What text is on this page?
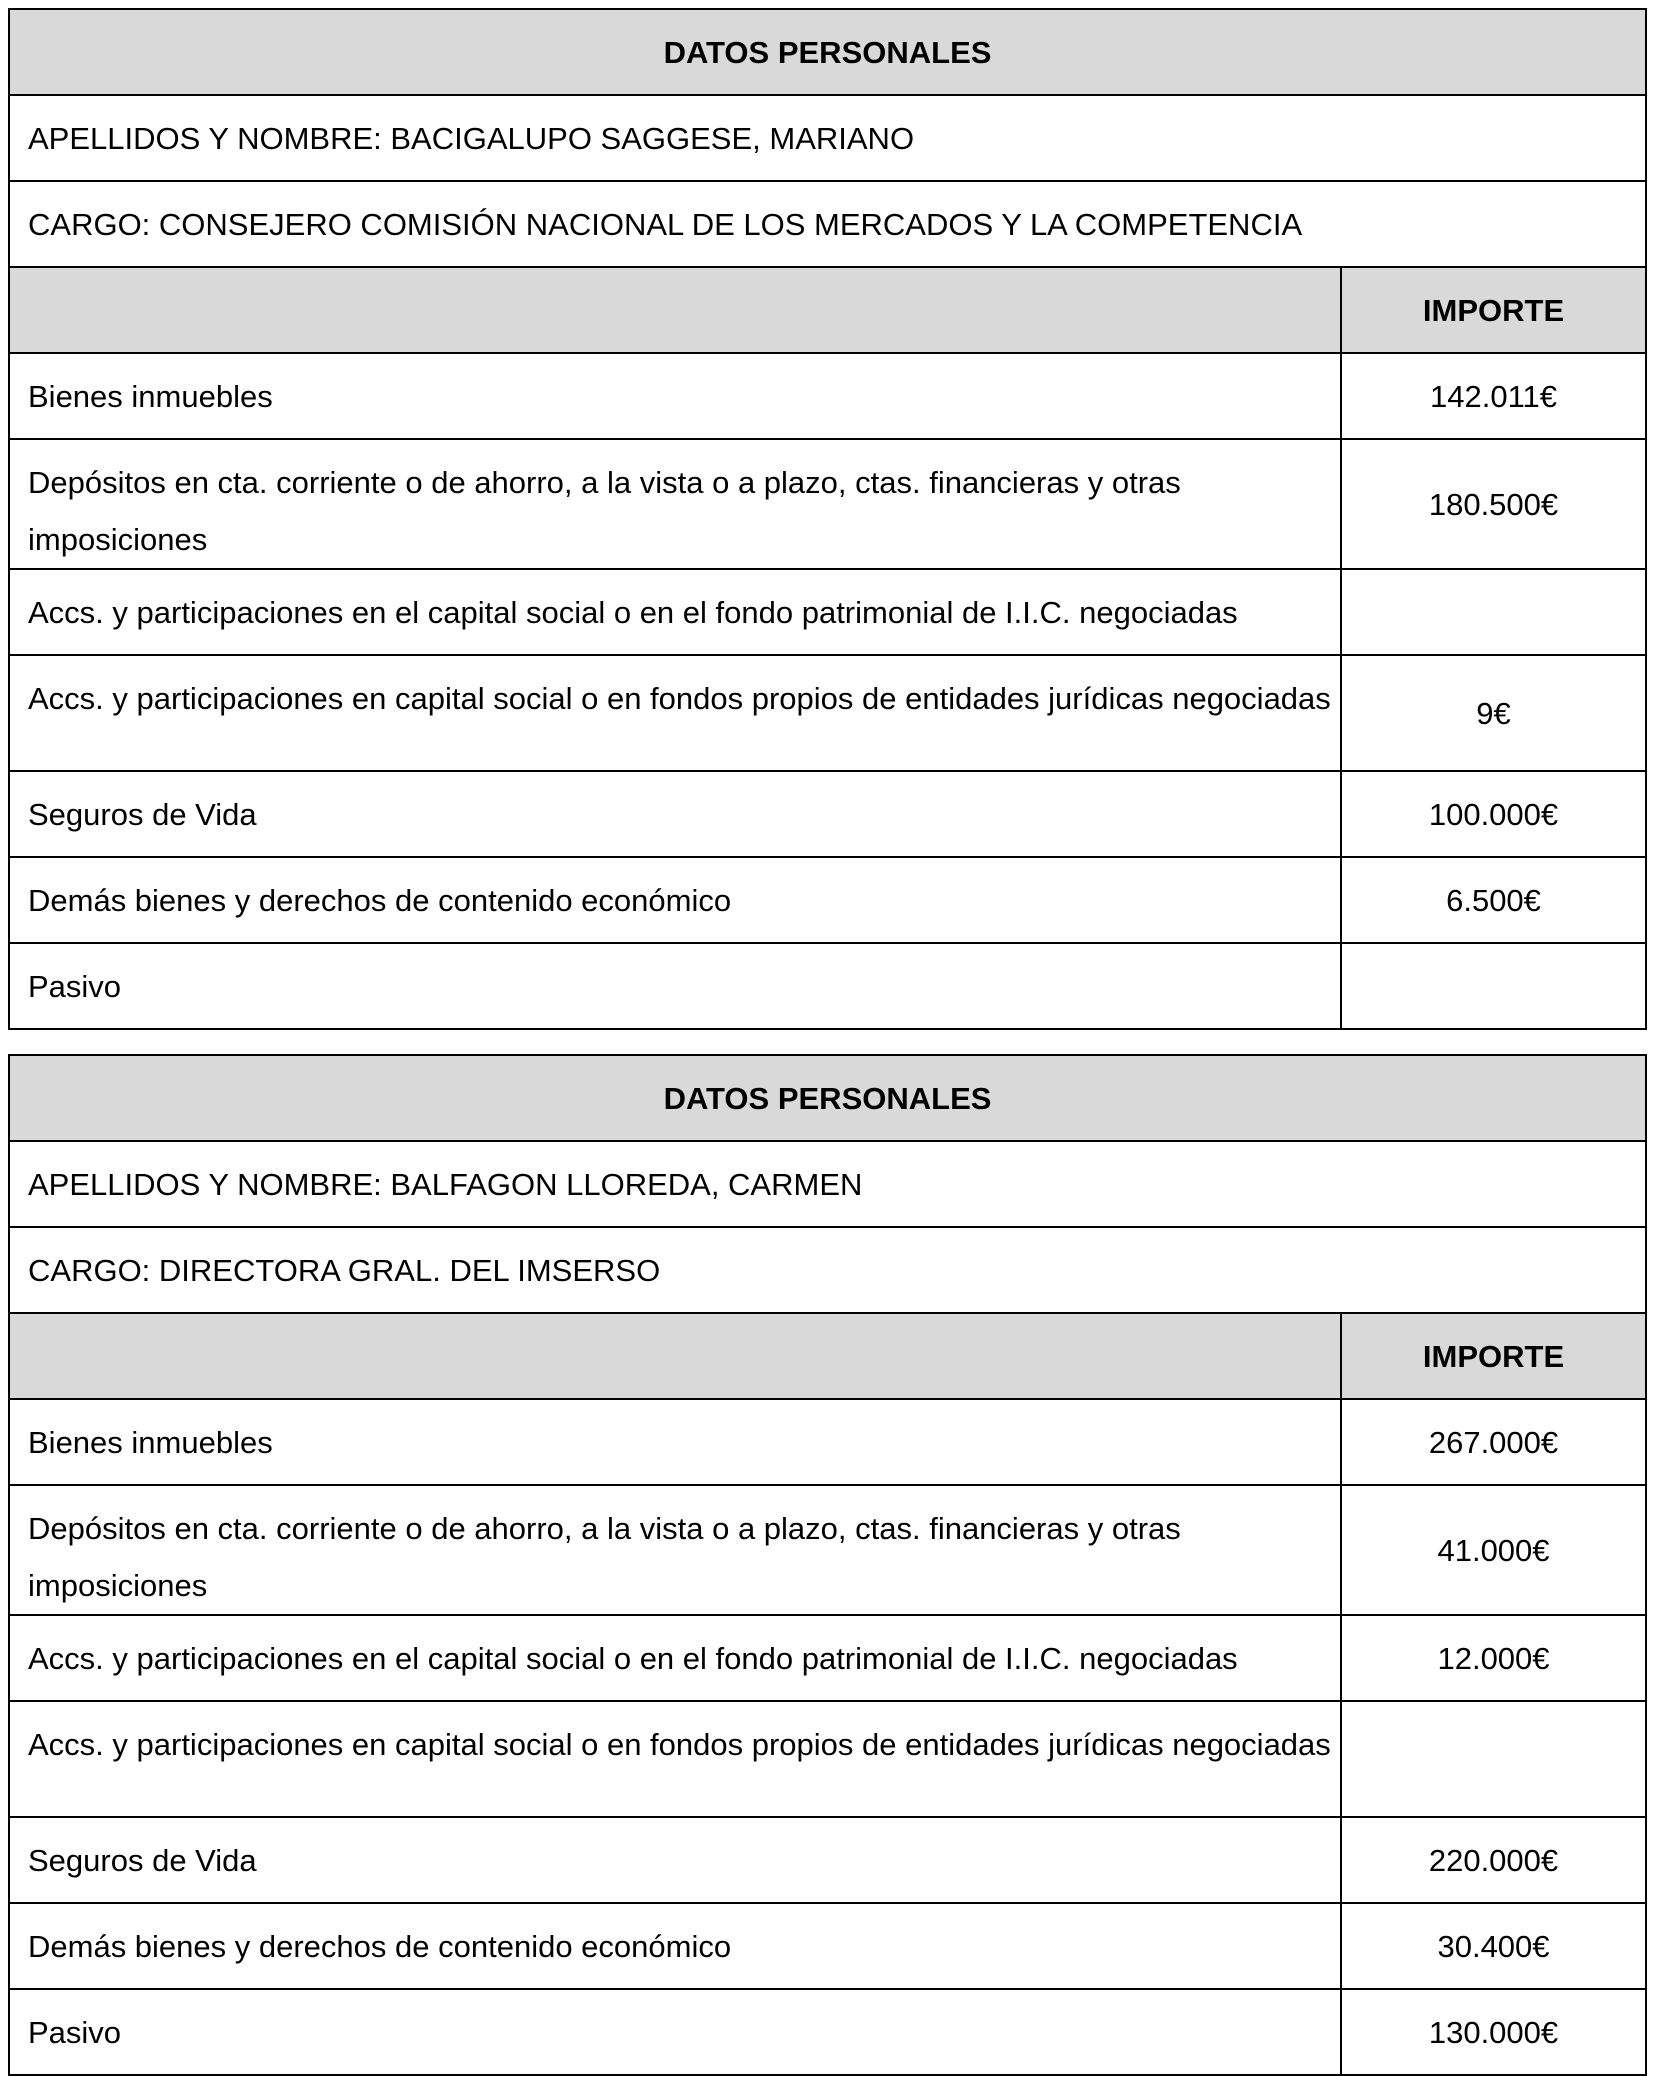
DATOS PERSONALES	
APELLIDOS Y NOMBRE: BACIGALUPO SAGGESE, MARIANO	
CARGO: CONSEJERO COMISIÓN NACIONAL DE LOS MERCADOS Y LA COMPETENCIA	
	IMPORTE
Bienes inmuebles	142.011€
Depósitos en cta. corriente o de ahorro, a la vista o a plazo, ctas. financieras y otras imposiciones	180.500€
Accs. y participaciones en el capital social o en el fondo patrimonial de I.I.C. negociadas	
Accs. y participaciones en capital social o en fondos propios de entidades jurídicas negociadas	9€
Seguros de Vida	100.000€
Demás bienes y derechos de contenido económico	6.500€
Pasivo	
DATOS PERSONALES	
APELLIDOS Y NOMBRE: BALFAGON LLOREDA, CARMEN	
CARGO: DIRECTORA GRAL. DEL IMSERSO	
	IMPORTE
Bienes inmuebles	267.000€
Depósitos en cta. corriente o de ahorro, a la vista o a plazo, ctas. financieras y otras imposiciones	41.000€
Accs. y participaciones en el capital social o en el fondo patrimonial de I.I.C. negociadas	12.000€
Accs. y participaciones en capital social o en fondos propios de entidades jurídicas negociadas	
Seguros de Vida	220.000€
Demás bienes y derechos de contenido económico	30.400€
Pasivo	130.000€
